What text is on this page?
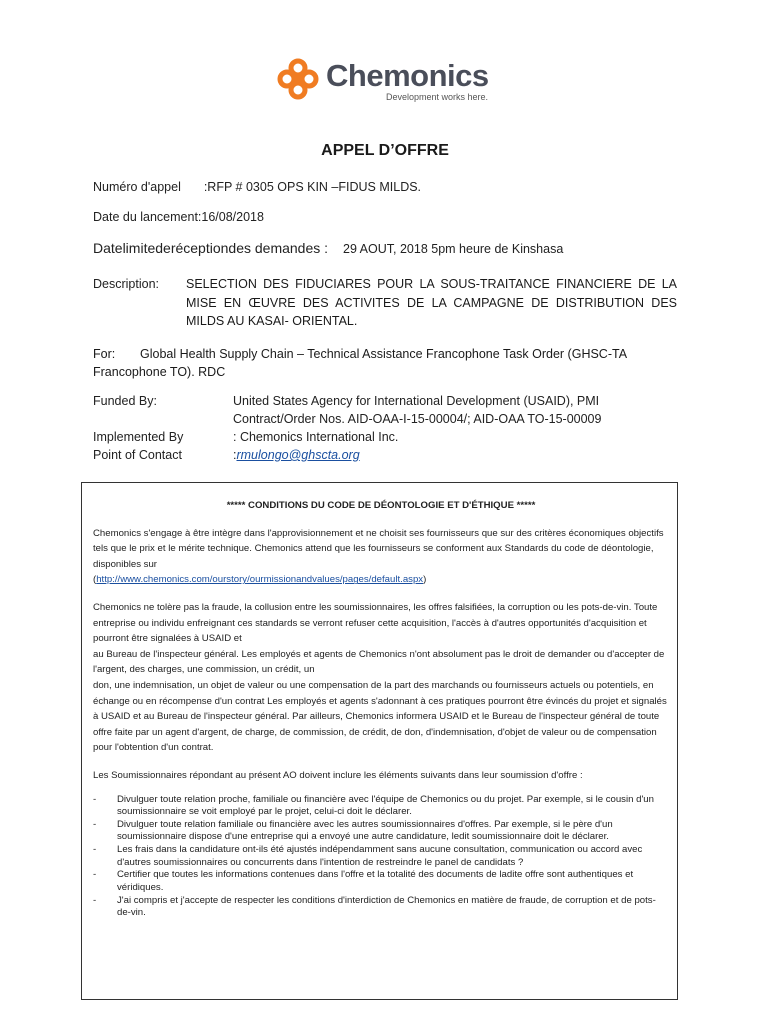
Chemonics
Development works here.
APPEL D’OFFRE
Numéro d'appel :RFP # 0305 OPS KIN –FIDUS MILDS.
Date du lancement:16/08/2018
Datelimitederéceptiondes demandes : 29 AOUT, 2018 5pm heure de Kinshasa
Description: SELECTION DES FIDUCIARES POUR LA SOUS-TRAITANCE FINANCIERE DE LA MISE EN ŒUVRE DES ACTIVITES DE LA CAMPAGNE DE DISTRIBUTION DES MILDS AU KASAI- ORIENTAL.
For: Global Health Supply Chain – Technical Assistance Francophone Task Order (GHSC-TA Francophone TO). RDC
Funded By:	United States Agency for International Development (USAID), PMI
Contract/Order Nos. AID-OAA-I-15-00004/; AID-OAA TO-15-00009
Implemented By	: Chemonics International Inc.
Point of Contact	:rmulongo@ghscta.org
***** CONDITIONS DU CODE DE DÉONTOLOGIE ET D'ÉTHIQUE *****

Chemonics s'engage à être intègre dans l'approvisionnement et ne choisit ses fournisseurs que sur des critères économiques objectifs tels que le prix et le mérite technique. Chemonics attend que les fournisseurs se conforment aux Standards du code de déontologie, disponibles sur
(http://www.chemonics.com/ourstory/ourmissionandvalues/pages/default.aspx)

Chemonics ne tolère pas la fraude, la collusion entre les soumissionnaires, les offres falsifiées, la corruption ou les pots-de-vin. Toute entreprise ou individu enfreignant ces standards se verront refuser cette acquisition, l'accès à d'autres opportunités d'acquisition et pourront être signalées à USAID et
au Bureau de l'inspecteur général. Les employés et agents de Chemonics n'ont absolument pas le droit de demander ou d'accepter de l'argent, des charges, une commission, un crédit, un
don, une indemnisation, un objet de valeur ou une compensation de la part des marchands ou fournisseurs actuels ou potentiels, en échange ou en récompense d'un contrat Les employés et agents s'adonnant à ces pratiques pourront être évincés du projet et signalés à USAID et au Bureau de l'inspecteur général. Par ailleurs, Chemonics informera USAID et le Bureau de l'inspecteur général de toute offre faite par un agent d'argent, de charge, de commission, de crédit, de don, d'indemnisation, d'objet de valeur ou de compensation pour l'obtention d'un contrat.

Les Soumissionnaires répondant au présent AO doivent inclure les éléments suivants dans leur soumission d'offre :

- Divulguer toute relation proche, familiale ou financière avec l'équipe de Chemonics ou du projet. Par exemple, si le cousin d'un soumissionnaire se voit employé par le projet, celui-ci doit le déclarer.
- Divulguer toute relation familiale ou financière avec les autres soumissionnaires d'offres. Par exemple, si le père d'un soumissionnaire dispose d'une entreprise qui a envoyé une autre candidature, ledit soumissionnaire doit le déclarer.
- Les frais dans la candidature ont-ils été ajustés indépendamment sans aucune consultation, communication ou accord avec d'autres soumissionnaires ou concurrents dans l'intention de restreindre le panel de candidats ?
- Certifier que toutes les informations contenues dans l'offre et la totalité des documents de ladite offre sont authentiques et véridiques.
- J'ai compris et j'accepte de respecter les conditions d'interdiction de Chemonics en matière de fraude, de corruption et de pots-de-vin.
